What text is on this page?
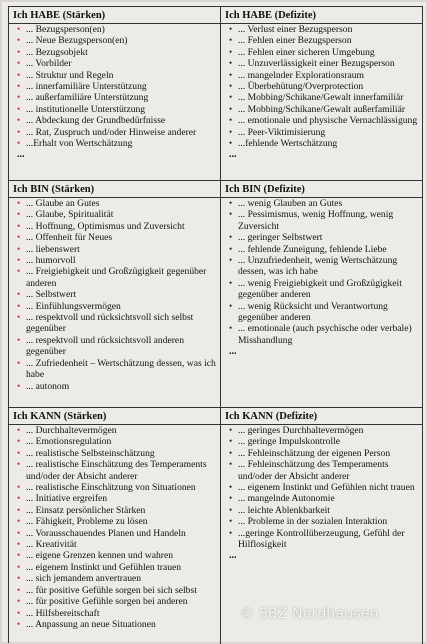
Ich HABE (Stärken)
• ... Bezugsperson(en)
• ... Neue Bezugsperson(en)
• ... Bezugsobjekt
• ... Vorbilder
• ... Struktur und Regeln
• ... innerfamiliäre Unterstützung
• ... außerfamiliäre Unterstützung
• ... institutionelle Unterstützung
• ... Abdeckung der Grundbedürfnisse
• ... Rat, Zuspruch und/oder Hinweise anderer
• ...Erhalt von Wertschätzung
...
Ich HABE (Defizite)
• ... Verlust einer Bezugsperson
• ... Fehlen einer Bezugsperson
• ... Fehlen einer sicheren Umgebung
• ... Unzuverlässigkeit einer Bezugsperson
• ... mangelnder Explorationsraum
• ... Überbehütung/Overprotection
• ... Mobbing/Schikane/Gewalt innerfamiliär
• ... Mobbing/Schikane/Gewalt außerfamiliär
• ... emotionale und physische Vernachlässigung
• ... Peer-Viktimisierung
• ...fehlende Wertschätzung
...
Ich BIN (Stärken)
• ... Glaube an Gutes
• ... Glaube, Spiritualität
• ... Hoffnung, Optimismus und Zuversicht
• ... Offenheit für Neues
• ... liebenswert
• ... humorvoll
• ... Freigiebigkeit und Großzügigkeit gegenüber anderen
• ... Selbstwert
• ... Einfühlungsvermögen
• ... respektvoll und rücksichtsvoll sich selbst gegenüber
• ... respektvoll und rücksichtsvoll anderen gegenüber
• ... Zufriedenheit – Wertschätzung dessen, was ich habe
• ... autonom
Ich BIN (Defizite)
• ... wenig Glauben an Gutes
• ... Pessimismus, wenig Hoffnung, wenig Zuversicht
• ... geringer Selbstwert
• ... fehlende Zuneigung, fehlende Liebe
• ... Unzufriedenheit, wenig Wertschätzung dessen, was ich habe
• ... wenig Freigiebigkeit und Großzügigkeit gegenüber anderen
• ... wenig Rücksicht und Verantwortung gegenüber anderen
• ... emotionale (auch psychische oder verbale) Misshandlung
...
Ich KANN (Stärken)
• ... Durchhaltevermögen
• ... Emotionsregulation
• ... realistische Selbsteinschätzung
• ... realistische Einschätzung des Temperaments und/oder der Absicht anderer
• ... realistische Einschätzung von Situationen
• ... Initiative ergreifen
• ... Einsatz persönlicher Stärken
• ... Fähigkeit, Probleme zu lösen
• ... Vorausschauendes Planen und Handeln
• ... Kreativität
• ... eigene Grenzen kennen und wahren
• ... eigenem Instinkt und Gefühlen trauen
• ... sich jemandem anvertrauen
• ... für positive Gefühle sorgen bei sich selbst
• ... für positive Gefühle sorgen bei anderen
• ... Hilfsbereitschaft
• ... Anpassung an neue Situationen
Ich KANN (Defizite)
• ... geringes Durchhaltevermögen
• ... geringe Impulskontrolle
• ... Fehleinschätzung der eigenen Person
• ... Fehleinschätzung des Temperaments und/oder der Absicht anderer
• ... eigenem Instinkt und Gefühlen nicht trauen
• ... mangelnde Autonomie
• ... leichte Ablenkbarkeit
• ... Probleme in der sozialen Interaktion
• ...geringe Kontrollüberzeugung, Gefühl der Hilflosigkeit
...
© SBZ Nordhausen
